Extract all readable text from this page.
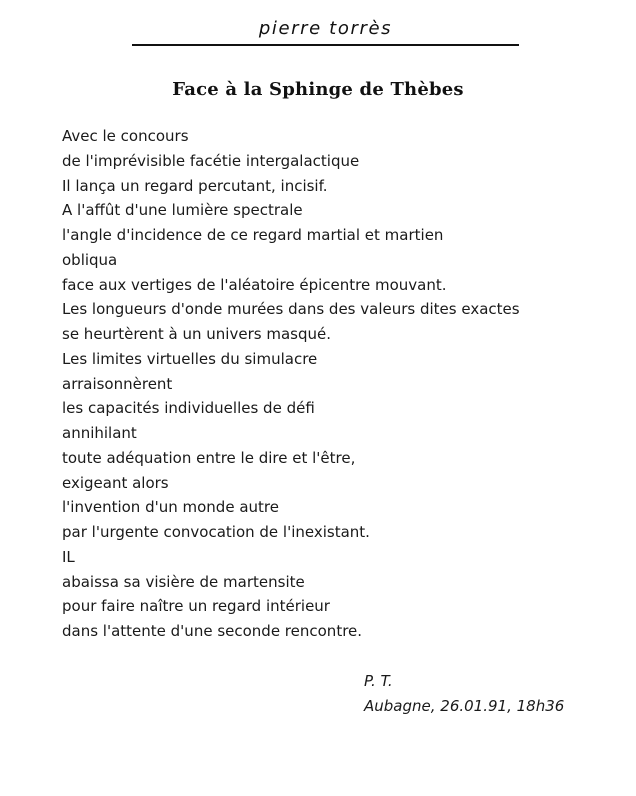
pierre torrès
Face à la Sphinge de Thèbes
Avec le concours
de l'imprévisible facétie intergalactique
Il lança un regard percutant, incisif.
A l'affût d'une lumière spectrale
l'angle d'incidence de ce regard martial et martien
obliqua
face aux vertiges de l'aléatoire épicentre mouvant.
Les longueurs d'onde murées dans des valeurs dites exactes
se heurtèrent à un univers masqué.
Les limites virtuelles du simulacre
arraisonnèrent
les capacités individuelles de défi
annihilant
toute adéquation entre le dire et l'être,
exigeant alors
l'invention d'un monde autre
par l'urgente convocation de l'inexistant.
IL
abaissa sa visière de martensite
pour faire naître un regard intérieur
dans l'attente d'une seconde rencontre.
P. T.
Aubagne, 26.01.91, 18h36
